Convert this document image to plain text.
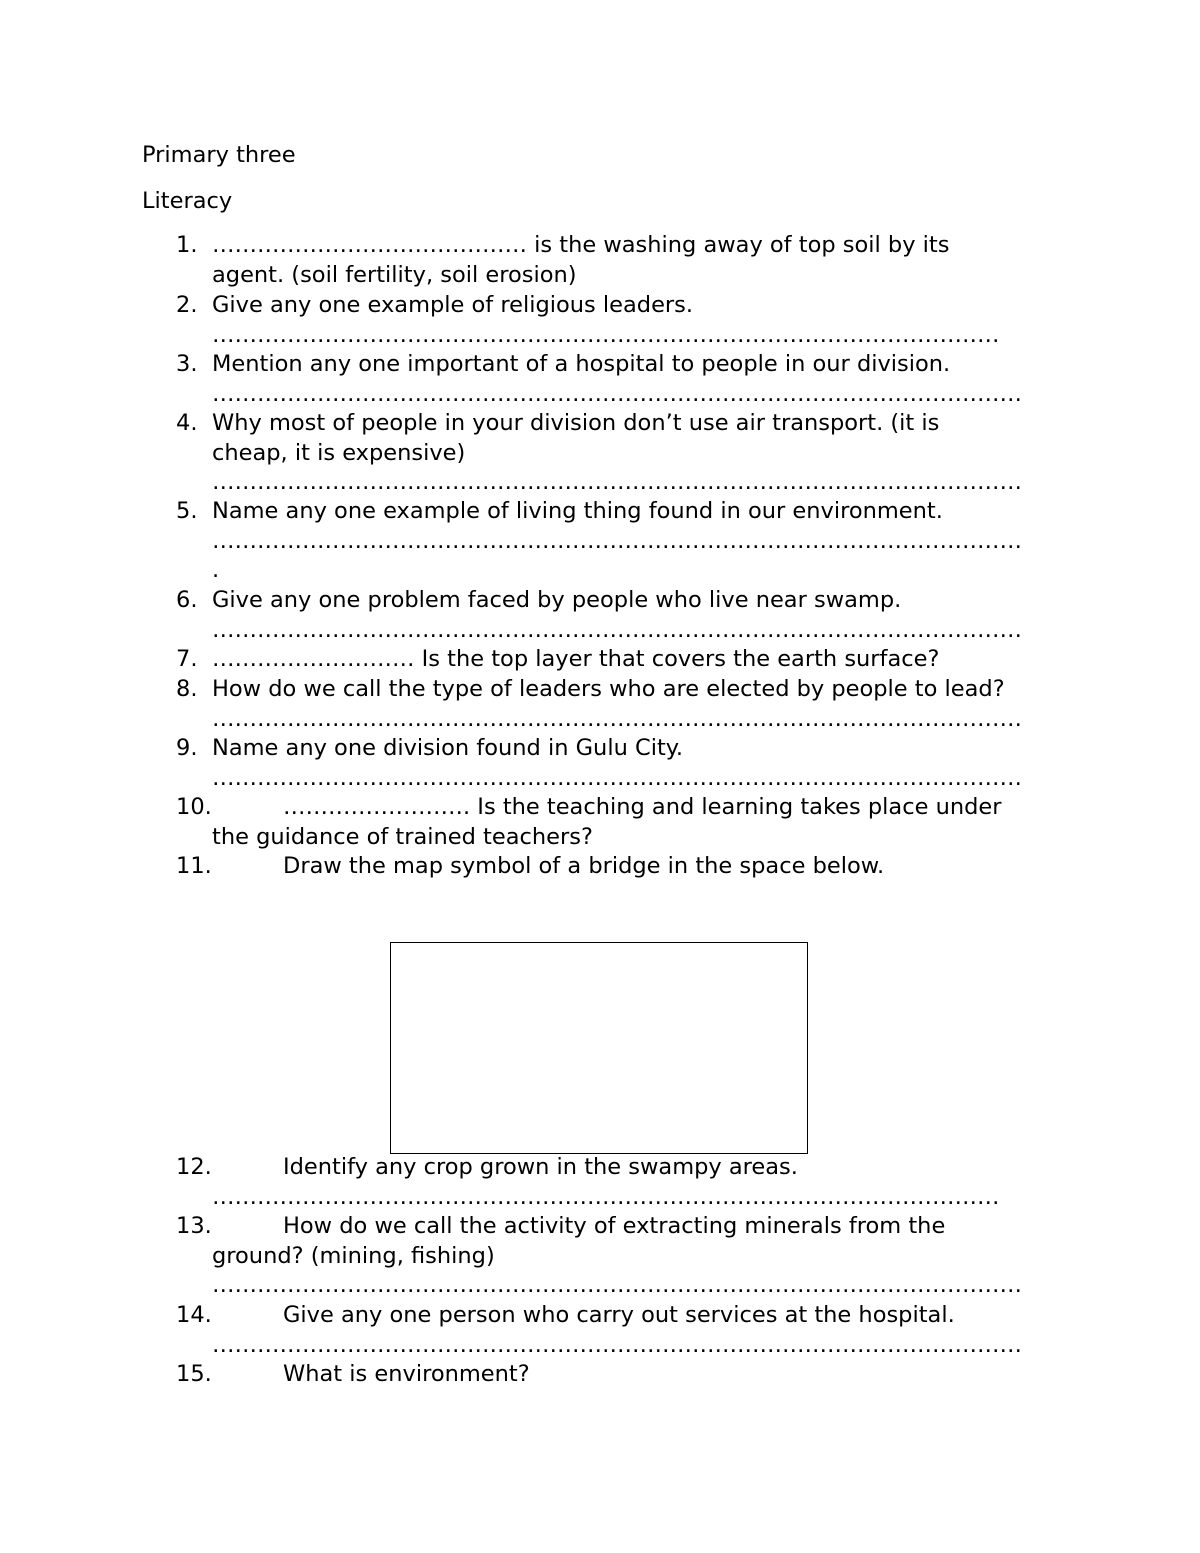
Primary three
Literacy
1. …………………………………… is the washing away of top soil by its
agent. (soil fertility, soil erosion)
2. Give any one example of religious leaders.
……………………………………………………………………………………………
3. Mention any one important of a hospital to people in our division.
………………………………………………………………………………………………
4. Why most of people in your division don’t use air transport. (it is
cheap, it is expensive)
………………………………………………………………………………………………
5. Name any one example of living thing found in our environment.
………………………………………………………………………………………………
.
6. Give any one problem faced by people who live near swamp.
………………………………………………………………………………………………
7. ……………………… Is the top layer that covers the earth surface?
8. How do we call the type of leaders who are elected by people to lead?
………………………………………………………………………………………………
9. Name any one division found in Gulu City.
………………………………………………………………………………………………
10.	……………………. Is the teaching and learning takes place under
the guidance of trained teachers?
11.	Draw the map symbol of a bridge in the space below.
12.	Identify any crop grown in the swampy areas.
……………………………………………………………………………………………
13.	How do we call the activity of extracting minerals from the
ground? (mining, fishing)
………………………………………………………………………………………………
14.	Give any one person who carry out services at the hospital.
………………………………………………………………………………………………
15.	What is environment?
